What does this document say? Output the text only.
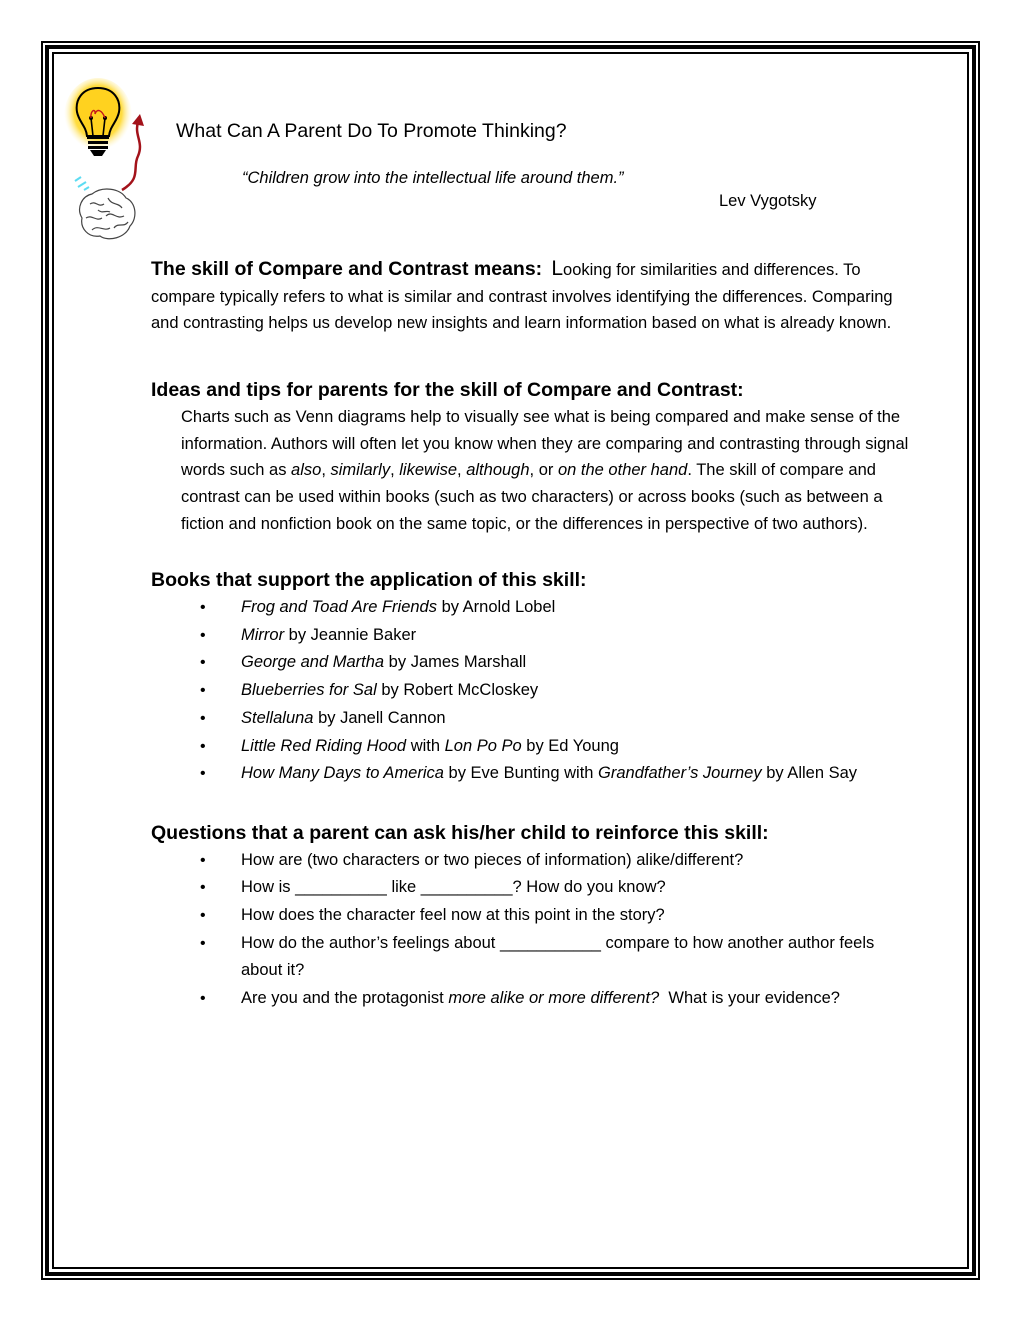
What Can A Parent Do To Promote Thinking?
“Children grow into the intellectual life around them.”
Lev Vygotsky

The skill of Compare and Contrast means: Looking for similarities and differences. To compare typically refers to what is similar and contrast involves identifying the differences. Comparing and contrasting helps us develop new insights and learn information based on what is already known.

Ideas and tips for parents for the skill of Compare and Contrast:

Charts such as Venn diagrams help to visually see what is being compared and make sense of the information. Authors will often let you know when they are comparing and contrasting through signal words such as also, similarly, likewise, although, or on the other hand. The skill of compare and contrast can be used within books (such as two characters) or across books (such as between a fiction and nonfiction book on the same topic, or the differences in perspective of two authors).

Books that support the application of this skill:
• Frog and Toad Are Friends by Arnold Lobel
• Mirror by Jeannie Baker
• George and Martha by James Marshall
• Blueberries for Sal by Robert McCloskey
• Stellaluna by Janell Cannon
• Little Red Riding Hood with Lon Po Po by Ed Young
• How Many Days to America by Eve Bunting with Grandfather’s Journey by Allen Say
Questions that a parent can ask his/her child to reinforce this skill:
• How are (two characters or two pieces of information) alike/different?
• How is __________ like __________? How do you know?
• How does the character feel now at this point in the story?
• How do the author’s feelings about ___________ compare to how another author feels about it?
• Are you and the protagonist more alike or more different?  What is your evidence?
